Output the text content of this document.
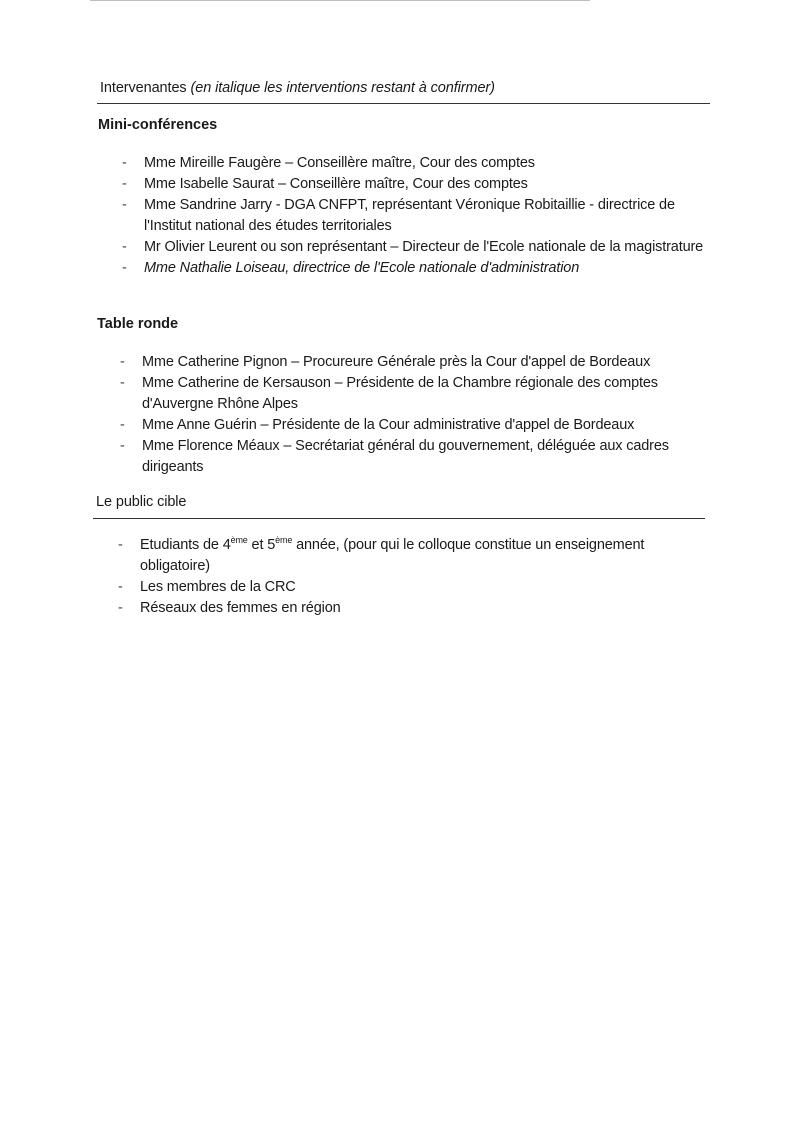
Intervenantes (en italique les interventions restant à confirmer)
Mini-conférences
- Mme Mireille Faugère – Conseillère maître, Cour des comptes
- Mme Isabelle Saurat – Conseillère maître, Cour des comptes
- Mme Sandrine Jarry - DGA CNFPT, représentant Véronique Robitaillie - directrice de l'Institut national des études territoriales
- Mr Olivier Leurent ou son représentant – Directeur de l'Ecole nationale de la magistrature
- Mme Nathalie Loiseau, directrice de l'Ecole nationale d'administration
Table ronde
- Mme Catherine Pignon – Procureure Générale près la Cour d'appel de Bordeaux
- Mme Catherine de Kersauson – Présidente de la Chambre régionale des comptes d'Auvergne Rhône Alpes
- Mme Anne Guérin – Présidente de la Cour administrative d'appel de Bordeaux
- Mme Florence Méaux – Secrétariat général du gouvernement, déléguée aux cadres dirigeants
Le public cible
- Etudiants de 4ème et 5ème année, (pour qui le colloque constitue un enseignement obligatoire)
- Les membres de la CRC
- Réseaux des femmes en région
